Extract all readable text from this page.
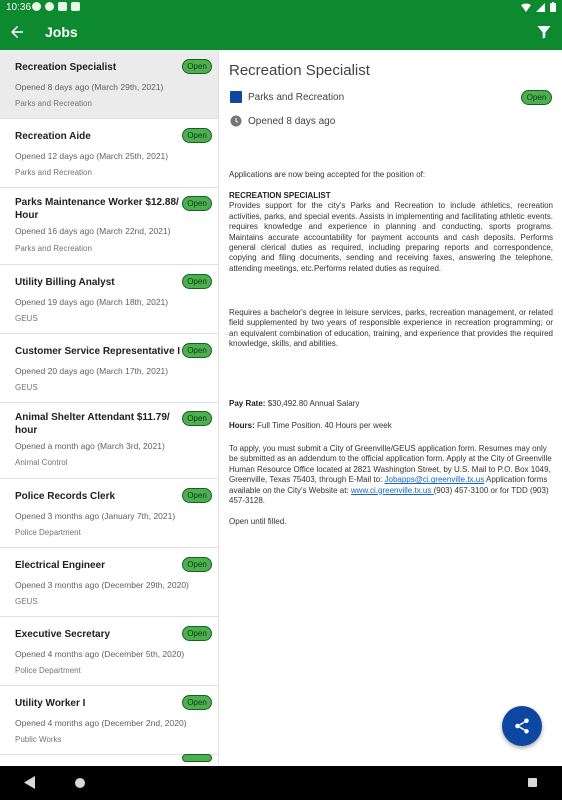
10:36
Jobs
Recreation Specialist	Open
Opened 8 days ago (March 29th, 2021)
Parks and Recreation
Recreation Aide	Open
Opened 12 days ago (March 25th, 2021)
Parks and Recreation
Parks Maintenance Worker $12.88/ Hour
Open
Opened 16 days ago (March 22nd, 2021)
Parks and Recreation
Utility Billing Analyst	Open
Opened 19 days ago (March 18th, 2021)
GEUS
Customer Service Representative I Open
Opened 20 days ago (March 17th, 2021)
GEUS
Animal Shelter Attendant $11.79/ hour
Open
Opened a month ago (March 3rd, 2021)
Animal Control
Police Records Clerk	Open
Opened 3 months ago (January 7th, 2021)
Police Department
Electrical Engineer	Open
Opened 3 months ago (December 29th, 2020)
GEUS
Executive Secretary	Open
Opened 4 months ago (December 5th, 2020)
Police Department
Utility Worker I	Open
Opened 4 months ago (December 2nd, 2020)
Public Works
Recreation Specialist
Parks and Recreation	Open
Opened 8 days ago
Applications are now being accepted for the position of:
RECREATION SPECIALIST
Provides support for the city's Parks and Recreation to include athletics, recreation activities, parks, and special events. Assists in implementing and facilitating athletic events. requires knowledge and experience in planning and conducting, sports programs. Maintains accurate accountability for payment accounts and cash deposits. Performs general clerical duties as required, including preparing reports and correspondence, copying and filing documents, sending and receiving faxes, answering the telephone, attending meetings, etc.Performs related duties as required.
Requires a bachelor's degree in leisure services, parks, recreation management, or related field supplemented by two years of responsible experience in recreation programming; or an equivalent combination of education, training, and experience that provides the required knowledge, skills, and abilities.
Pay Rate: $30,492.80 Annual Salary
Hours: Full Time Position. 40 Hours per week
To apply, you must submit a City of Greenville/GEUS application form. Resumes may only be submitted as an addendum to the official application form. Apply at the City of Greenville Human Resource Office located at 2821 Washington Street, by U.S. Mail to P.O. Box 1049, Greenville, Texas 75403, through E-Mail to: Jobapps@ci.greenville.tx.us Application forms available on the City's Website at: www.ci.greenville.tx.us (903) 457-3100 or for TDD (903) 457-3128.
Open until filled.
